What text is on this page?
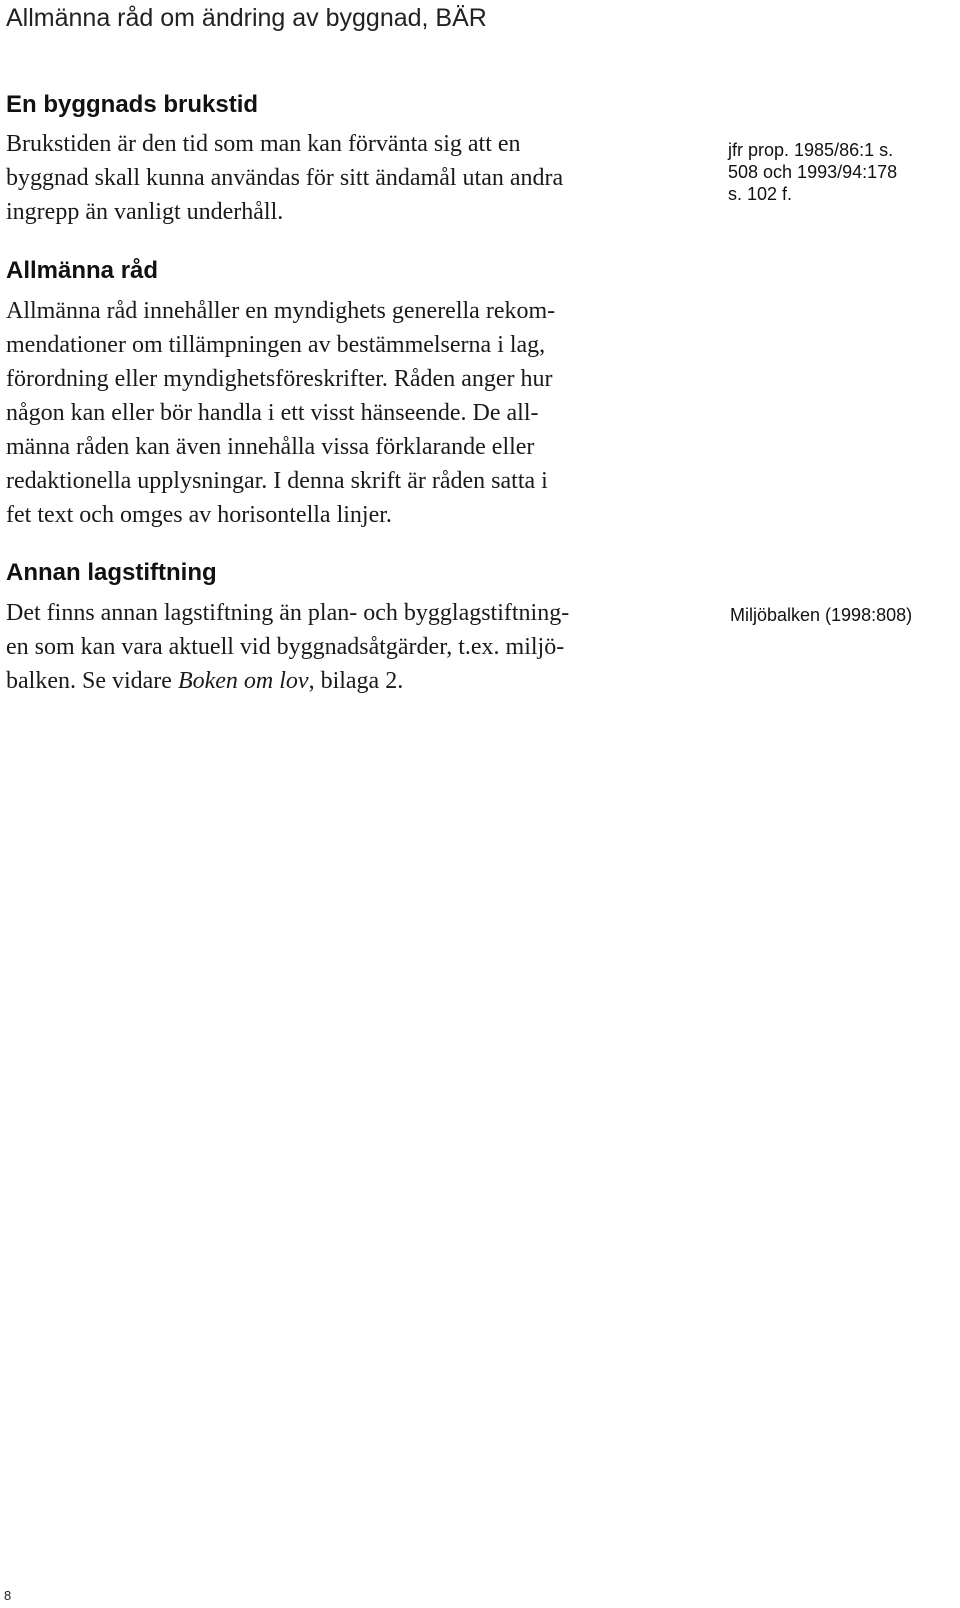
Allmänna råd om ändring av byggnad, BÄR
En byggnads brukstid
Brukstiden är den tid som man kan förvänta sig att en
byggnad skall kunna användas för sitt ändamål utan andra
ingrepp än vanligt underhåll.
jfr prop. 1985/86:1 s.
508 och 1993/94:178
s. 102 f.
Allmänna råd
Allmänna råd innehåller en myndighets generella rekom-
mendationer om tillämpningen av bestämmelserna i lag,
förordning eller myndighetsföreskrifter. Råden anger hur
någon kan eller bör handla i ett visst hänseende. De all-
männa råden kan även innehålla vissa förklarande eller
redaktionella upplysningar. I denna skrift är råden satta i
fet text och omges av horisontella linjer.
Annan lagstiftning
Det finns annan lagstiftning än plan- och bygglagstiftning-
en som kan vara aktuell vid byggnadsåtgärder, t.ex. miljö-
balken. Se vidare Boken om lov, bilaga 2.
Miljöbalken (1998:808)
8
